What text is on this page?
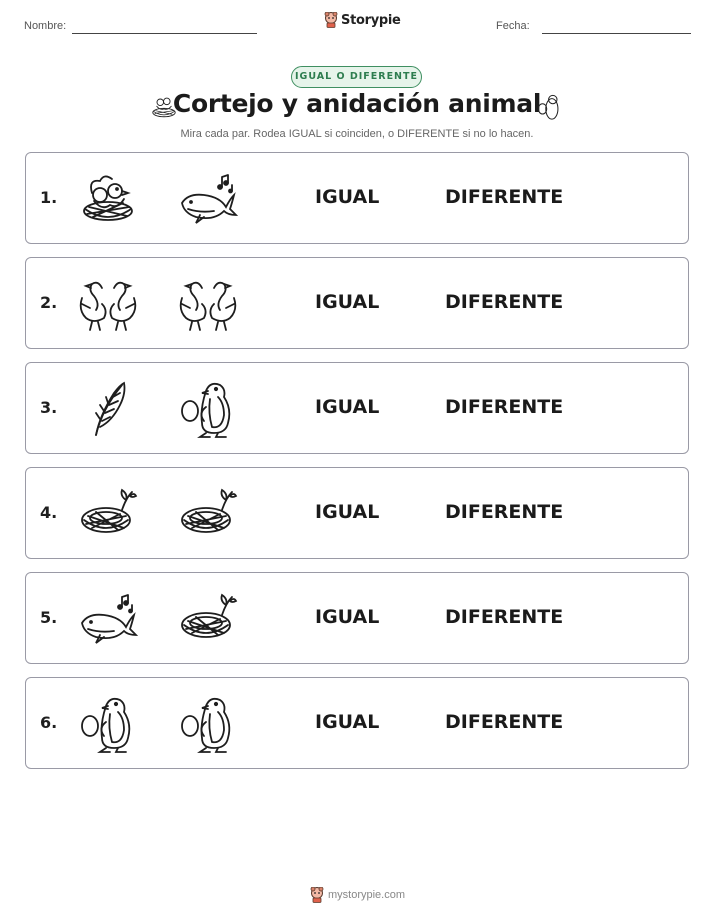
Nombre:	Storypie	Fecha:
IGUAL O DIFERENTE
Cortejo y anidación animal
Mira cada par. Rodea IGUAL si coinciden, o DIFERENTE si no lo hacen.
1.	IGUAL	DIFERENTE
2.	IGUAL	DIFERENTE
3.	IGUAL	DIFERENTE
4.	IGUAL	DIFERENTE
5.	IGUAL	DIFERENTE
6.	IGUAL	DIFERENTE
mystorypie.com
